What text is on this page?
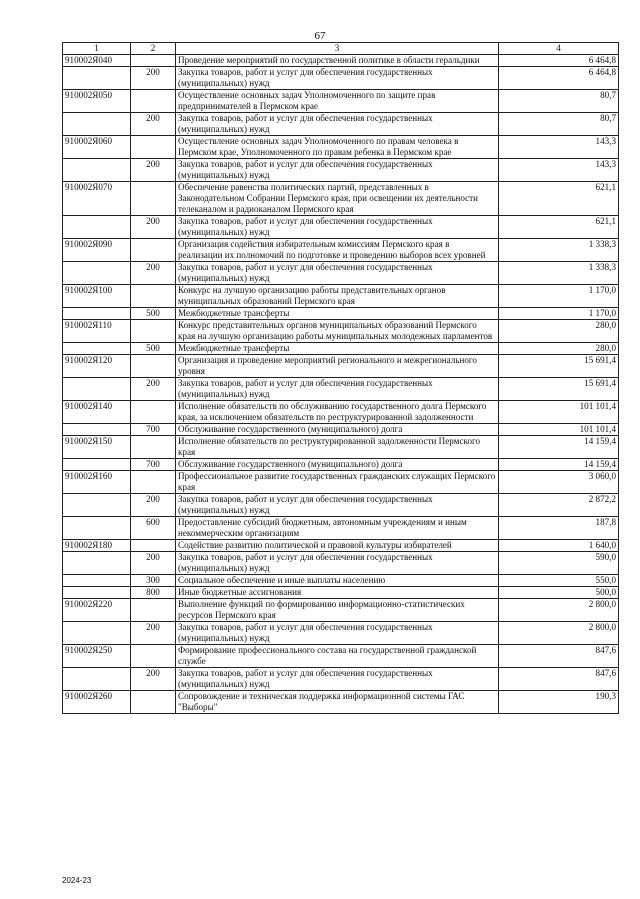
67
1	2	3	4
910002Я040		Проведение мероприятий по государственной политике в области геральдики	6 464,8
	200	Закупка товаров, работ и услуг для обеспечения государственных (муниципальных) нужд	6 464,8
910002Я050		Осуществление основных задач Уполномоченного по защите прав предпринимателей в Пермском крае	80,7
	200	Закупка товаров, работ и услуг для обеспечения государственных (муниципальных) нужд	80,7
910002Я060		Осуществление основных задач Уполномоченного по правам человека в Пермском крае, Уполномоченного по правам ребенка в Пермском крае	143,3
	200	Закупка товаров, работ и услуг для обеспечения государственных (муниципальных) нужд	143,3
910002Я070		Обеспечение равенства политических партий, представленных в Законодательном Собрании Пермского края, при освещении их деятельности телеканалом и радиоканалом Пермского края	621,1
	200	Закупка товаров, работ и услуг для обеспечения государственных (муниципальных) нужд	621,1
910002Я090		Организация содействия избирательным комиссиям Пермского края в реализации их полномочий по подготовке и проведению выборов всех уровней	1 338,3
	200	Закупка товаров, работ и услуг для обеспечения государственных (муниципальных) нужд	1 338,3
910002Я100		Конкурс на лучшую организацию работы представительных органов муниципальных образований Пермского края	1 170,0
	500	Межбюджетные трансферты	1 170,0
910002Я110		Конкурс представительных органов муниципальных образований Пермского края на лучшую организацию работы муниципальных молодежных парламентов	280,0
	500	Межбюджетные трансферты	280,0
910002Я120		Организация и проведение мероприятий регионального и межрегионального уровня	15 691,4
	200	Закупка товаров, работ и услуг для обеспечения государственных (муниципальных) нужд	15 691,4
910002Я140		Исполнение обязательств по обслуживанию государственного долга Пермского края, за исключением обязательств по реструктурированной задолженности	101 101,4
	700	Обслуживание государственного (муниципального) долга	101 101,4
910002Я150		Исполнение обязательств по реструктурированной задолженности Пермского края	14 159,4
	700	Обслуживание государственного (муниципального) долга	14 159,4
910002Я160		Профессиональное развитие государственных гражданских служащих Пермского края	3 060,0
	200	Закупка товаров, работ и услуг для обеспечения государственных (муниципальных) нужд	2 872,2
	600	Предоставление субсидий бюджетным, автономным учреждениям и иным некоммерческим организациям	187,8
910002Я180		Содействие развитию политической и правовой культуры избирателей	1 640,0
	200	Закупка товаров, работ и услуг для обеспечения государственных (муниципальных) нужд	590,0
	300	Социальное обеспечение и иные выплаты населению	550,0
	800	Иные бюджетные ассигнования	500,0
910002Я220		Выполнение функций по формированию информационно-статистических ресурсов Пермского края	2 800,0
	200	Закупка товаров, работ и услуг для обеспечения государственных (муниципальных) нужд	2 800,0
910002Я250		Формирование профессионального состава на государственной гражданской службе	847,6
	200	Закупка товаров, работ и услуг для обеспечения государственных (муниципальных) нужд	847,6
910002Я260		Сопровождение и техническая поддержка информационной системы ГАС "Выборы"	190,3
2024-23
